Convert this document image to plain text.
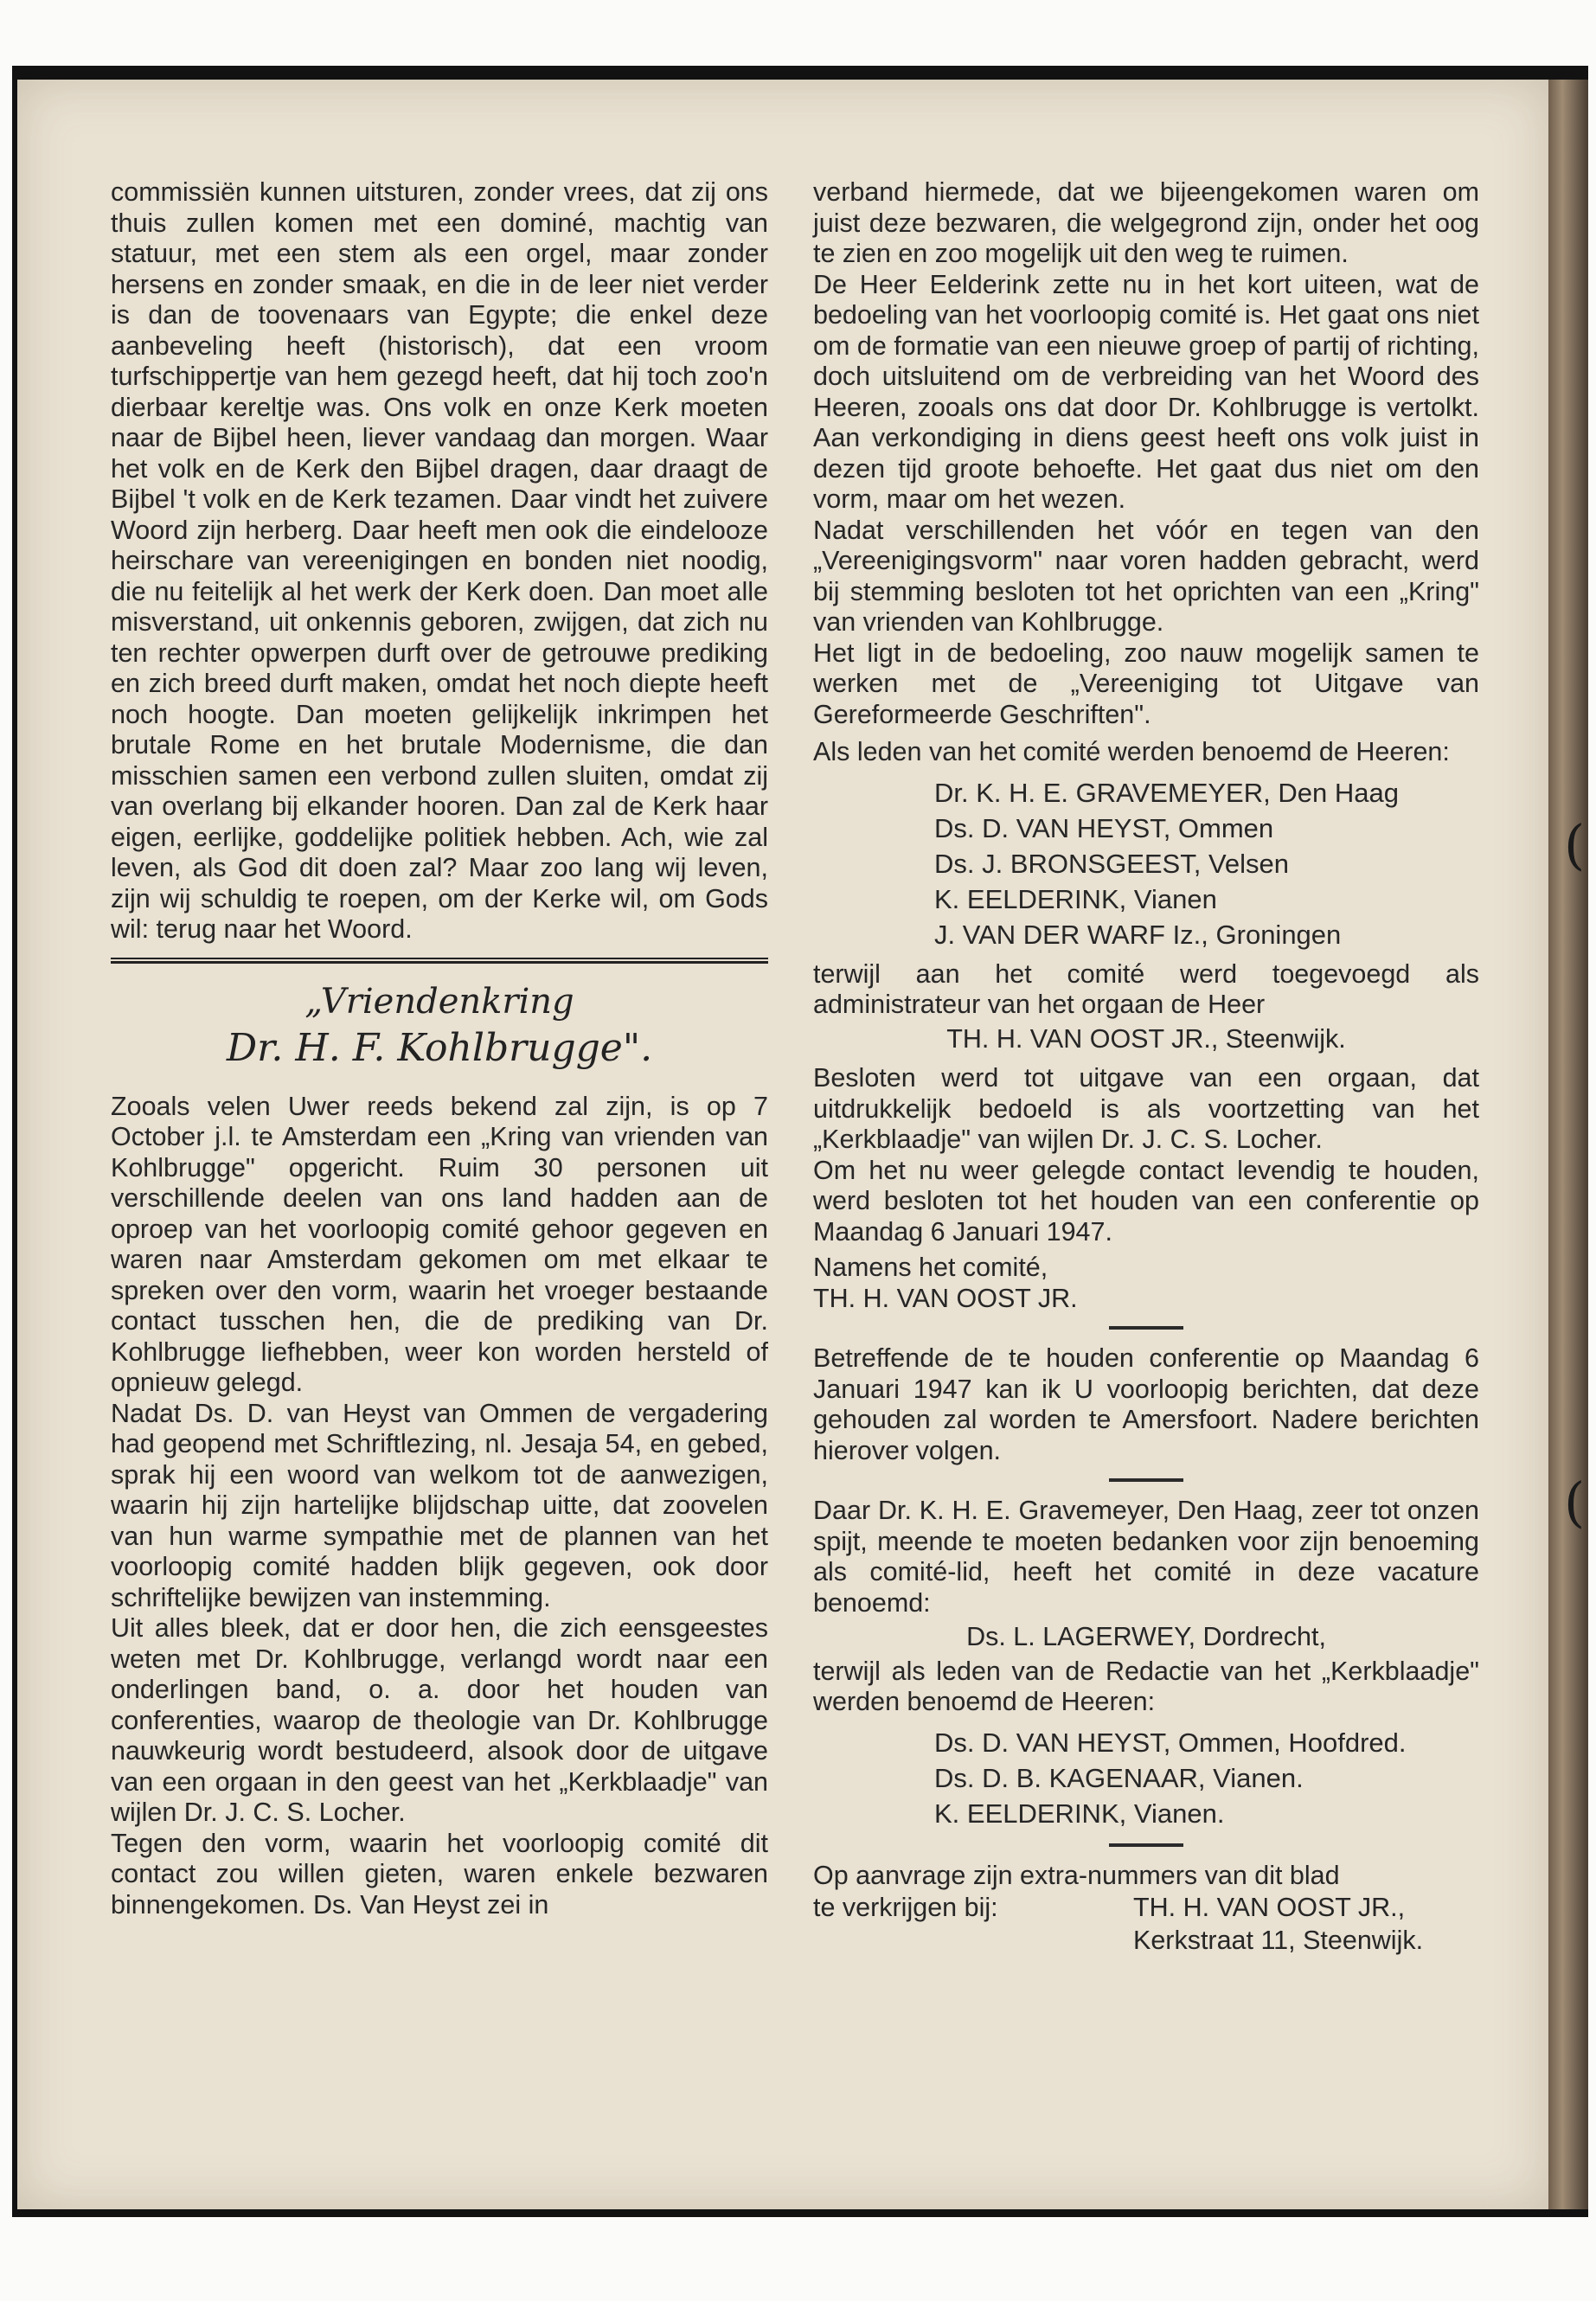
(
(

commissiën kunnen uitsturen, zonder vrees, dat zij ons thuis zullen komen met een dominé, machtig van statuur, met een stem als een orgel, maar zonder hersens en zonder smaak, en die in de leer niet verder is dan de toovenaars van Egypte; die enkel deze aanbeveling heeft (historisch), dat een vroom turfschippertje van hem gezegd heeft, dat hij toch zoo'n dierbaar kereltje was. Ons volk en onze Kerk moeten naar de Bijbel heen, liever vandaag dan morgen. Waar het volk en de Kerk den Bijbel dragen, daar draagt de Bijbel 't volk en de Kerk tezamen. Daar vindt het zuivere Woord zijn herberg. Daar heeft men ook die eindelooze heirschare van vereenigingen en bonden niet noodig, die nu feitelijk al het werk der Kerk doen. Dan moet alle misverstand, uit onkennis geboren, zwijgen, dat zich nu ten rechter opwerpen durft over de getrouwe prediking en zich breed durft maken, omdat het noch diepte heeft noch hoogte. Dan moeten gelijkelijk inkrimpen het brutale Rome en het brutale Modernisme, die dan misschien samen een verbond zullen sluiten, omdat zij van overlang bij elkander hooren. Dan zal de Kerk haar eigen, eerlijke, goddelijke politiek hebben. Ach, wie zal leven, als God dit doen zal? Maar zoo lang wij leven, zijn wij schuldig te roepen, om der Kerke wil, om Gods wil: terug naar het Woord.

„Vriendenkring
Dr. H. F. Kohlbrugge".

Zooals velen Uwer reeds bekend zal zijn, is op 7 October j.l. te Amsterdam een „Kring van vrienden van Kohlbrugge" opgericht. Ruim 30 personen uit verschillende deelen van ons land hadden aan de oproep van het voorloopig comité gehoor gegeven en waren naar Amsterdam gekomen om met elkaar te spreken over den vorm, waarin het vroeger bestaande contact tusschen hen, die de prediking van Dr. Kohlbrugge liefhebben, weer kon worden hersteld of opnieuw gelegd.

Nadat Ds. D. van Heyst van Ommen de vergadering had geopend met Schriftlezing, nl. Jesaja 54, en gebed, sprak hij een woord van welkom tot de aanwezigen, waarin hij zijn hartelijke blijdschap uitte, dat zoovelen van hun warme sympathie met de plannen van het voorloopig comité hadden blijk gegeven, ook door schriftelijke bewijzen van instemming.

Uit alles bleek, dat er door hen, die zich eensgeestes weten met Dr. Kohlbrugge, verlangd wordt naar een onderlingen band, o. a. door het houden van conferenties, waarop de theologie van Dr. Kohlbrugge nauwkeurig wordt bestudeerd, alsook door de uitgave van een orgaan in den geest van het „Kerkblaadje" van wijlen Dr. J. C. S. Locher.

Tegen den vorm, waarin het voorloopig comité dit contact zou willen gieten, waren enkele bezwaren binnengekomen. Ds. Van Heyst zei in

verband hiermede, dat we bijeengekomen waren om juist deze bezwaren, die welgegrond zijn, onder het oog te zien en zoo mogelijk uit den weg te ruimen.

De Heer Eelderink zette nu in het kort uiteen, wat de bedoeling van het voorloopig comité is. Het gaat ons niet om de formatie van een nieuwe groep of partij of richting, doch uitsluitend om de verbreiding van het Woord des Heeren, zooals ons dat door Dr. Kohlbrugge is vertolkt. Aan verkondiging in diens geest heeft ons volk juist in dezen tijd groote behoefte. Het gaat dus niet om den vorm, maar om het wezen.

Nadat verschillenden het vóór en tegen van den „Vereenigingsvorm" naar voren hadden gebracht, werd bij stemming besloten tot het oprichten van een „Kring" van vrienden van Kohlbrugge.

Het ligt in de bedoeling, zoo nauw mogelijk samen te werken met de „Vereeniging tot Uitgave van Gereformeerde Geschriften".

Als leden van het comité werden benoemd de Heeren:

Dr. K. H. E. GRAVEMEYER, Den Haag
Ds. D. VAN HEYST, Ommen
Ds. J. BRONSGEEST, Velsen
K. EELDERINK, Vianen
J. VAN DER WARF Iz., Groningen

terwijl aan het comité werd toegevoegd als administrateur van het orgaan de Heer

TH. H. VAN OOST JR., Steenwijk.

Besloten werd tot uitgave van een orgaan, dat uitdrukkelijk bedoeld is als voortzetting van het „Kerkblaadje" van wijlen Dr. J. C. S. Locher.

Om het nu weer gelegde contact levendig te houden, werd besloten tot het houden van een conferentie op Maandag 6 Januari 1947.

Namens het comité,

TH. H. VAN OOST JR.

Betreffende de te houden conferentie op Maandag 6 Januari 1947 kan ik U voorloopig berichten, dat deze gehouden zal worden te Amersfoort. Nadere berichten hierover volgen.

Daar Dr. K. H. E. Gravemeyer, Den Haag, zeer tot onzen spijt, meende te moeten bedanken voor zijn benoeming als comité-lid, heeft het comité in deze vacature benoemd:

Ds. L. LAGERWEY, Dordrecht,

terwijl als leden van de Redactie van het „Kerkblaadje" werden benoemd de Heeren:

Ds. D. VAN HEYST, Ommen, Hoofdred.
Ds. D. B. KAGENAAR, Vianen.
K. EELDERINK, Vianen.

Op aanvrage zijn extra-nummers van dit blad

te verkrijgen bij:	TH. H. VAN OOST JR.,
Kerkstraat 11, Steenwijk.
